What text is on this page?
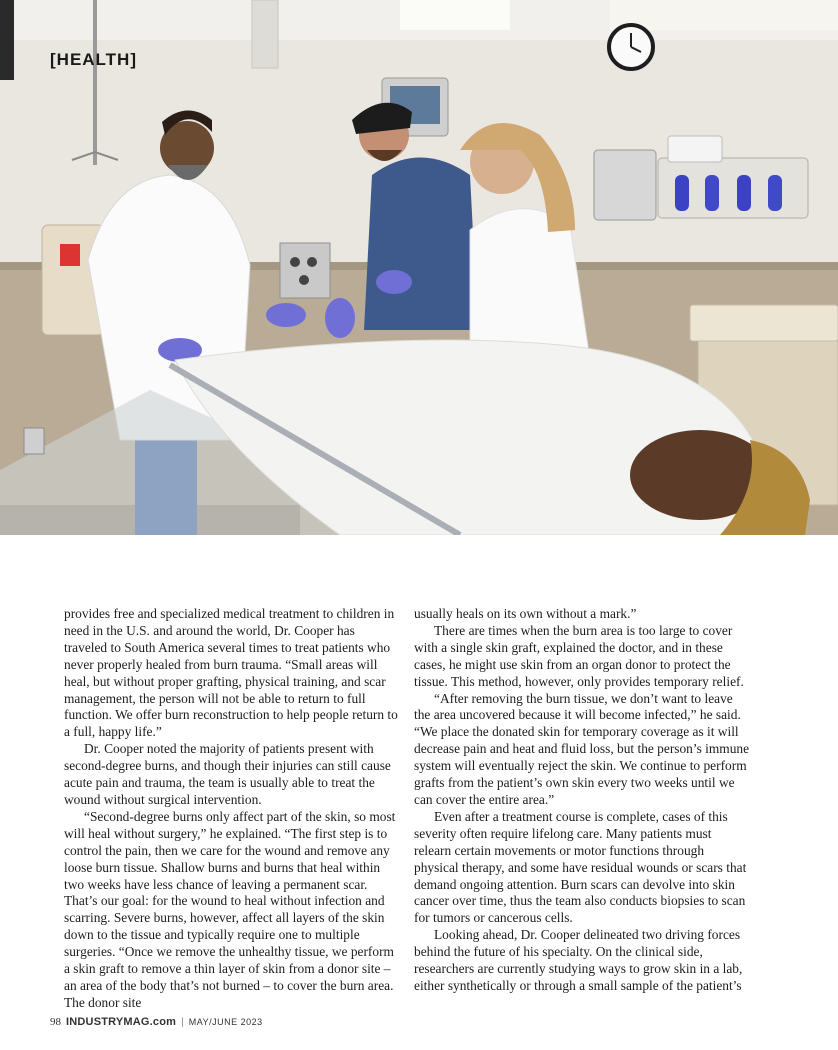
[HEALTH]

provides free and specialized medical treatment to children in need in the U.S. and around the world, Dr. Cooper has traveled to South America several times to treat patients who never properly healed from burn trauma. “Small areas will heal, but without proper grafting, physical training, and scar management, the person will not be able to return to full function. We offer burn reconstruction to help people return to a full, happy life.”

Dr. Cooper noted the majority of patients present with second-degree burns, and though their injuries can still cause acute pain and trauma, the team is usually able to treat the wound without surgical intervention.

“Second-degree burns only affect part of the skin, so most will heal without surgery,” he explained. “The first step is to control the pain, then we care for the wound and remove any loose burn tissue. Shallow burns and burns that heal within two weeks have less chance of leaving a permanent scar. That’s our goal: for the wound to heal without infection and scarring. Severe burns, however, affect all layers of the skin down to the tissue and typically require one to multiple surgeries. “Once we remove the unhealthy tissue, we perform a skin graft to remove a thin layer of skin from a donor site – an area of the body that’s not burned – to cover the burn area. The donor site

usually heals on its own without a mark.”

There are times when the burn area is too large to cover with a single skin graft, explained the doctor, and in these cases, he might use skin from an organ donor to protect the tissue. This method, however, only provides temporary relief.

“After removing the burn tissue, we don’t want to leave the area uncovered because it will become infected,” he said. “We place the donated skin for temporary coverage as it will decrease pain and heat and fluid loss, but the person’s immune system will eventually reject the skin. We continue to perform grafts from the patient’s own skin every two weeks until we can cover the entire area.”

Even after a treatment course is complete, cases of this severity often require lifelong care. Many patients must relearn certain movements or motor functions through physical therapy, and some have residual wounds or scars that demand ongoing attention. Burn scars can devolve into skin cancer over time, thus the team also conducts biopsies to scan for tumors or cancerous cells.

Looking ahead, Dr. Cooper delineated two driving forces behind the future of his specialty. On the clinical side, researchers are currently studying ways to grow skin in a lab, either synthetically or through a small sample of the patient’s

98 INDUSTRYMAG.com | MAY/JUNE 2023
